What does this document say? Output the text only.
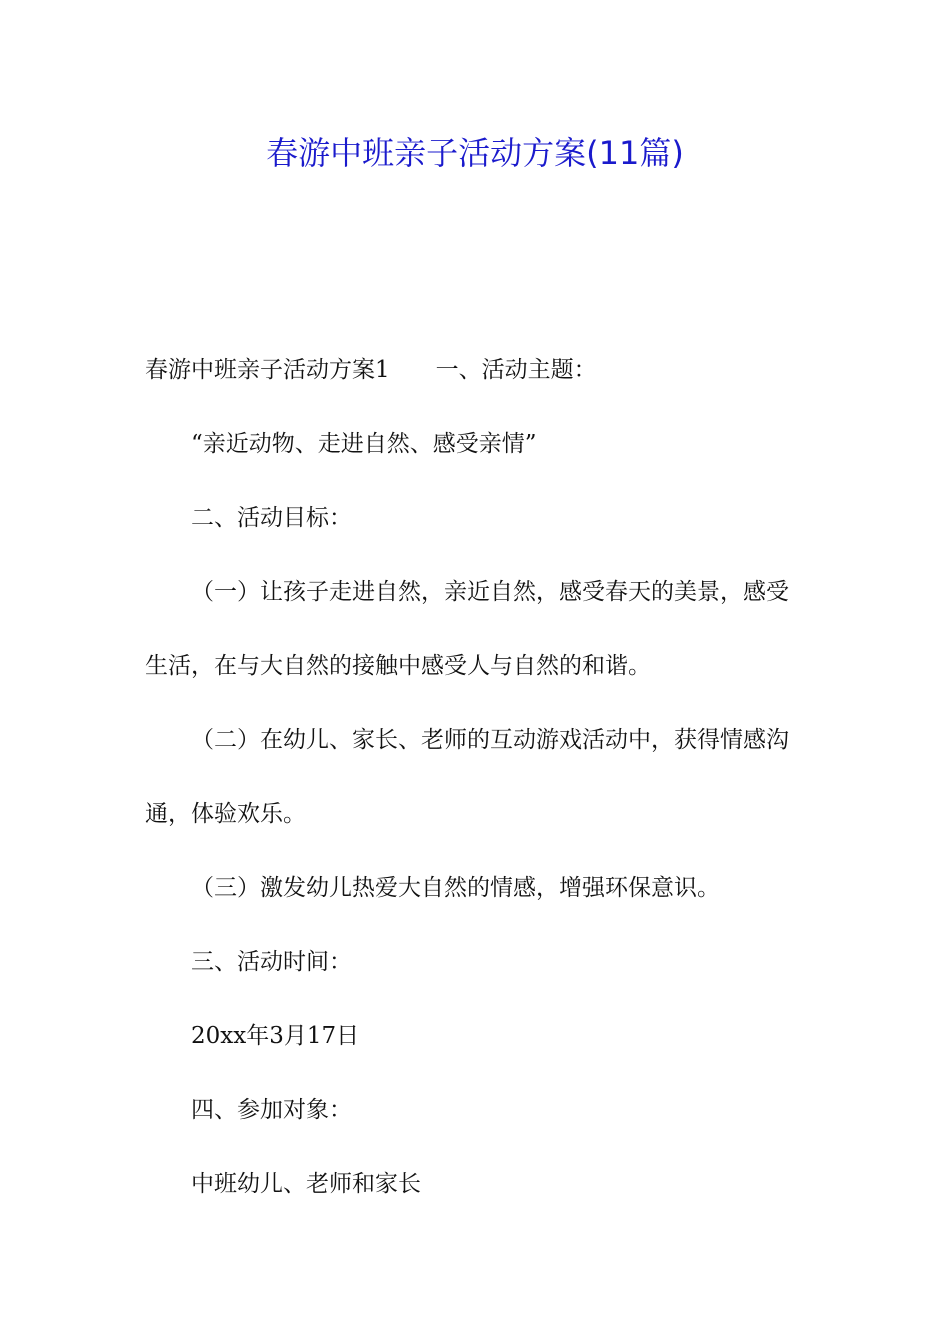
春游中班亲子活动方案(11篇)

春游中班亲子活动方案1 一、活动主题：

“亲近动物、走进自然、感受亲情”

二、活动目标：

（一）让孩子走进自然，亲近自然，感受春天的美景，感受生活，在与大自然的接触中感受人与自然的和谐。

（二）在幼儿、家长、老师的互动游戏活动中，获得情感沟通，体验欢乐。

（三）激发幼儿热爱大自然的情感，增强环保意识。

三、活动时间：

20xx年3月17日

四、参加对象：

中班幼儿、老师和家长
